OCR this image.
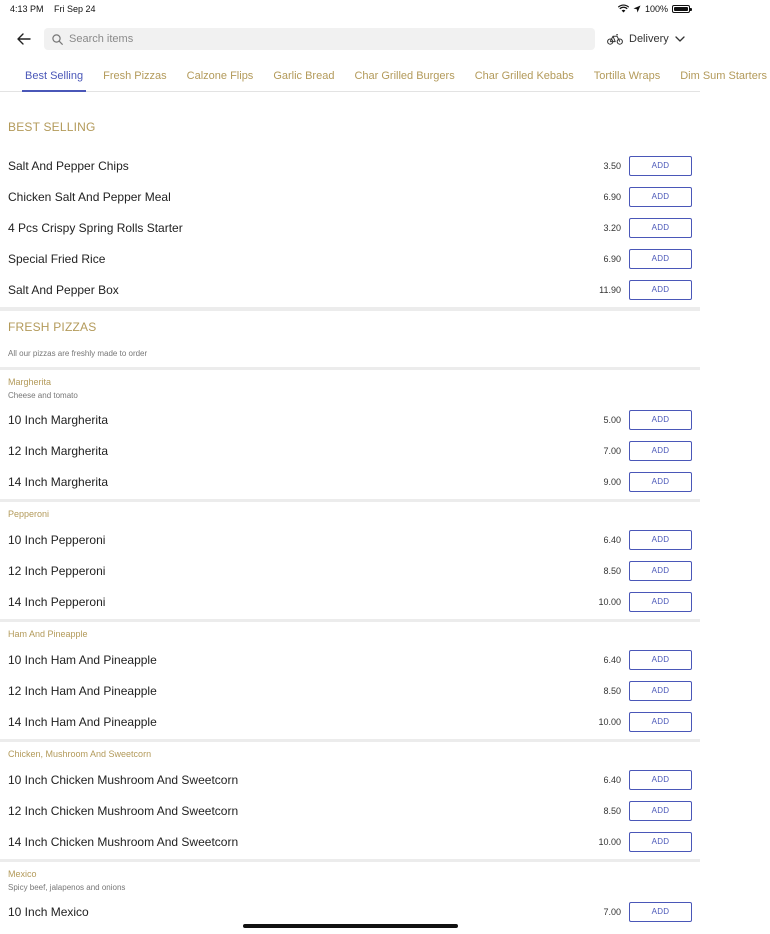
4:13 PM Fri Sep 24	100%
Search items
Delivery
Best Selling Fresh Pizzas Calzone Flips Garlic Bread Char Grilled Burgers Char Grilled Kebabs Tortilla Wraps Dim Sum Starters
BEST SELLING
Salt And Pepper Chips	3.50	ADD
Chicken Salt And Pepper Meal	6.90	ADD
4 Pcs Crispy Spring Rolls Starter	3.20	ADD
Special Fried Rice	6.90	ADD
Salt And Pepper Box	11.90	ADD
FRESH PIZZAS
All our pizzas are freshly made to order
Margherita
Cheese and tomato
10 Inch Margherita	5.00	ADD
12 Inch Margherita	7.00	ADD
14 Inch Margherita	9.00	ADD
Pepperoni
10 Inch Pepperoni	6.40	ADD
12 Inch Pepperoni	8.50	ADD
14 Inch Pepperoni	10.00	ADD
Ham And Pineapple
10 Inch Ham And Pineapple	6.40	ADD
12 Inch Ham And Pineapple	8.50	ADD
14 Inch Ham And Pineapple	10.00	ADD
Chicken, Mushroom And Sweetcorn
10 Inch Chicken Mushroom And Sweetcorn	6.40	ADD
12 Inch Chicken Mushroom And Sweetcorn	8.50	ADD
14 Inch Chicken Mushroom And Sweetcorn	10.00	ADD
Mexico
Spicy beef, jalapenos and onions
10 Inch Mexico	7.00	ADD
